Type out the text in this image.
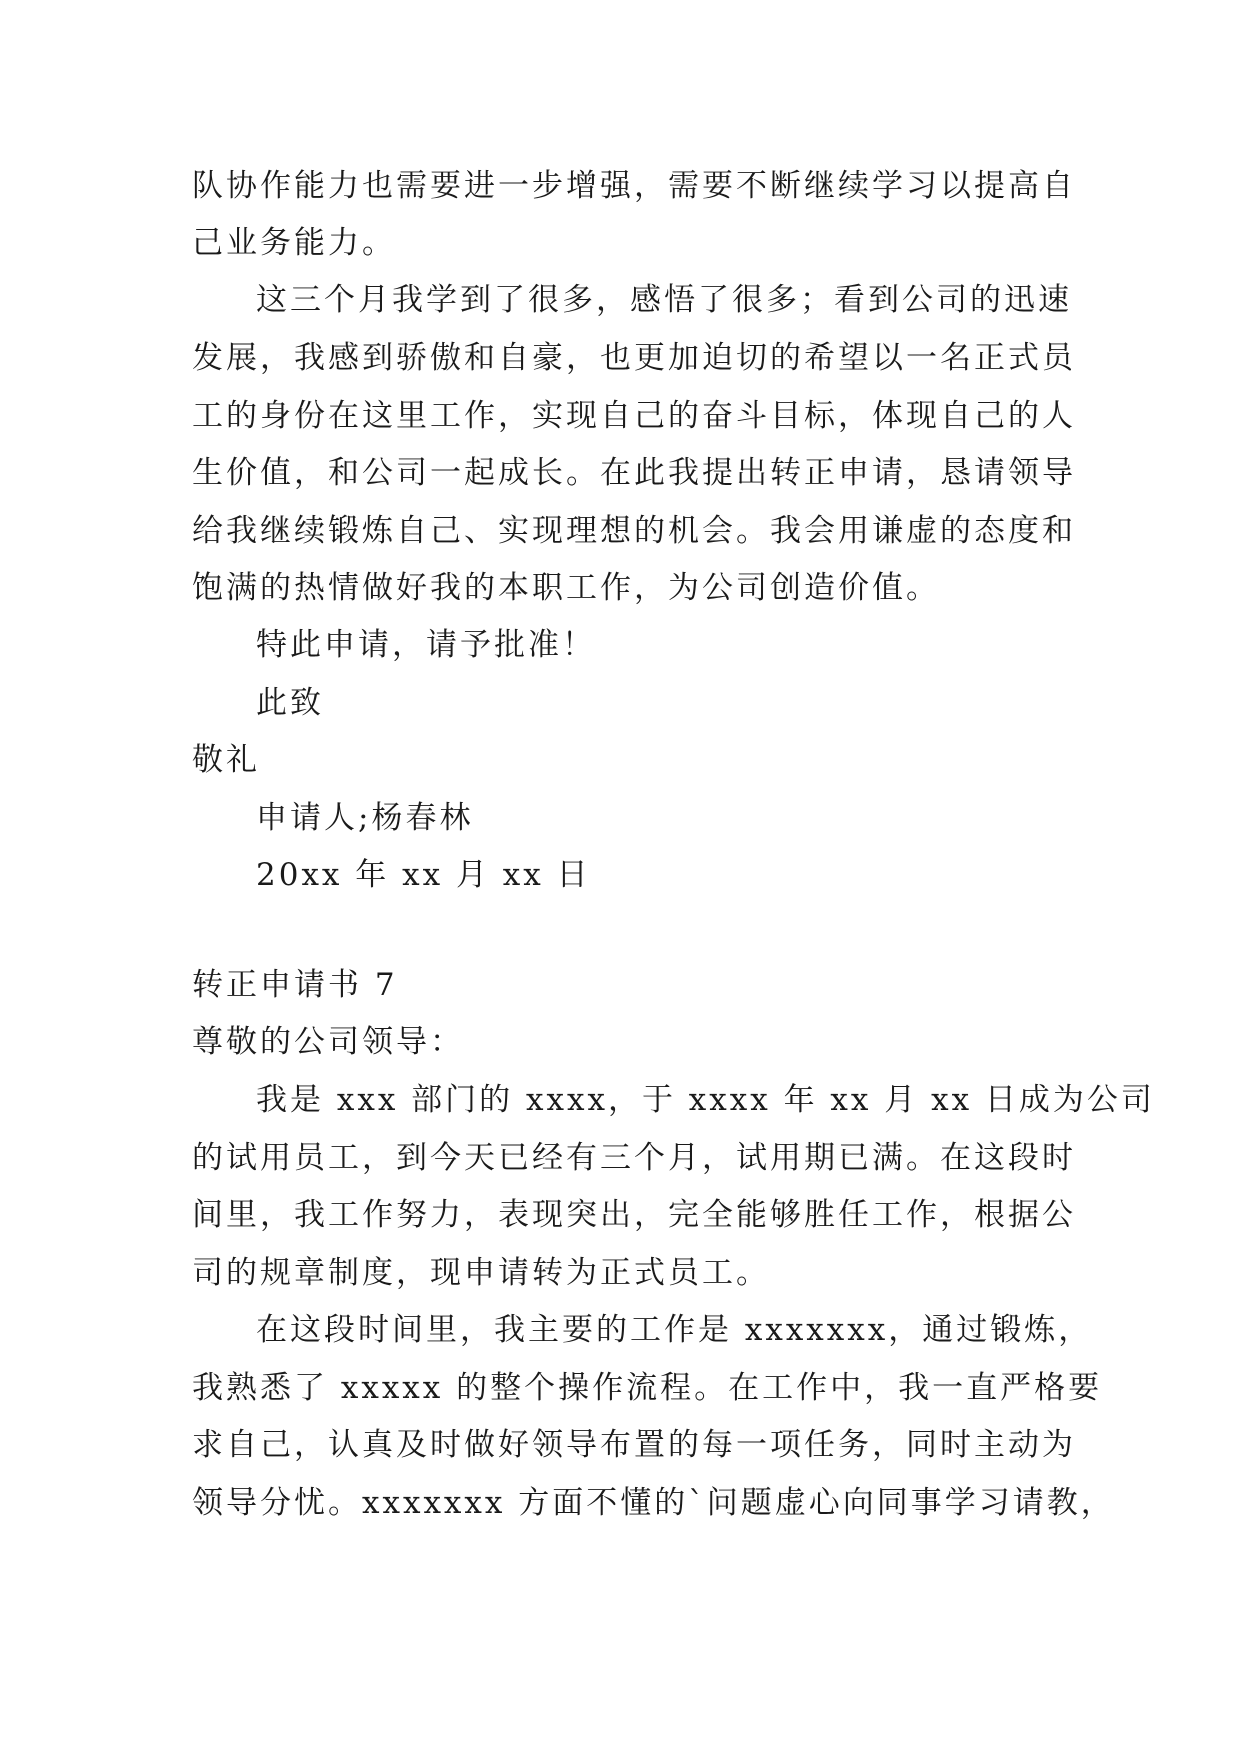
队协作能力也需要进一步增强，需要不断继续学习以提高自
己业务能力。
这三个月我学到了很多，感悟了很多；看到公司的迅速
发展，我感到骄傲和自豪，也更加迫切的希望以一名正式员
工的身份在这里工作，实现自己的奋斗目标，体现自己的人
生价值，和公司一起成长。在此我提出转正申请，恳请领导
给我继续锻炼自己、实现理想的机会。我会用谦虚的态度和
饱满的热情做好我的本职工作，为公司创造价值。
特此申请，请予批准！
此致
敬礼
申请人;杨春林
20xx 年 xx 月 xx 日
转正申请书 7
尊敬的公司领导：
我是 xxx 部门的 xxxx，于 xxxx 年 xx 月 xx 日成为公司
的试用员工，到今天已经有三个月，试用期已满。在这段时
间里，我工作努力，表现突出，完全能够胜任工作，根据公
司的规章制度，现申请转为正式员工。
在这段时间里，我主要的工作是 xxxxxxx，通过锻炼，
我熟悉了 xxxxx 的整个操作流程。在工作中，我一直严格要
求自己，认真及时做好领导布置的每一项任务，同时主动为
领导分忧。xxxxxxx 方面不懂的`问题虚心向同事学习请教，
